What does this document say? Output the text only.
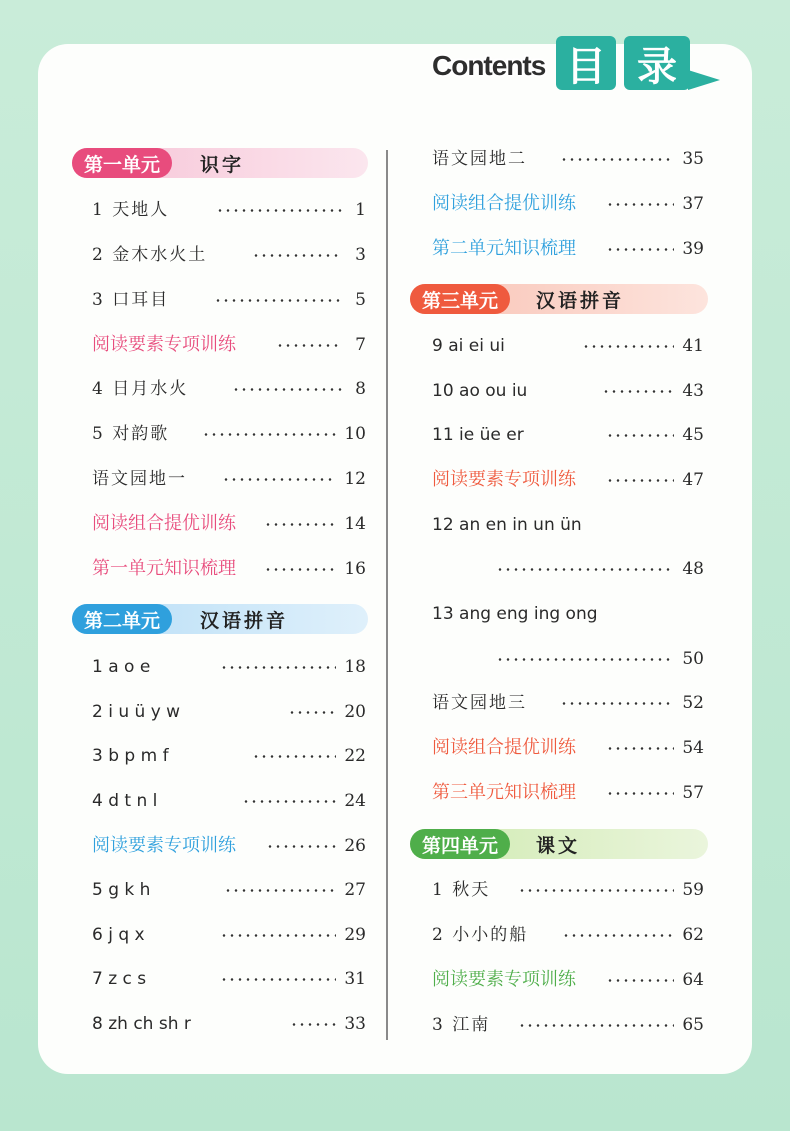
Contents 目 录
第一单元	识字
第二单元	汉语拼音
第三单元	汉语拼音
第四单元	课文
1 天地人	1
2 金木水火土	3
3 口耳目	5
阅读要素专项训练	7
4 日月水火	8
5 对韵歌	10
语文园地一	12
阅读组合提优训练	14
第一单元知识梳理	16
1 a o e	18
2 i u ü y w	20
3 b p m f	22
4 d t n l	24
阅读要素专项训练	26
5 g k h	27
6 j q x	29
7 z c s	31
8 zh ch sh r	33
语文园地二	35
阅读组合提优训练	37
第二单元知识梳理	39
9 ai ei ui	41
10 ao ou iu	43
11 ie üe er	45
阅读要素专项训练	47
12 an en in un ün
48
13 ang eng ing ong
50
语文园地三	52
阅读组合提优训练	54
第三单元知识梳理	57
1 秋天	59
2 小小的船	62
阅读要素专项训练	64
3 江南	65
